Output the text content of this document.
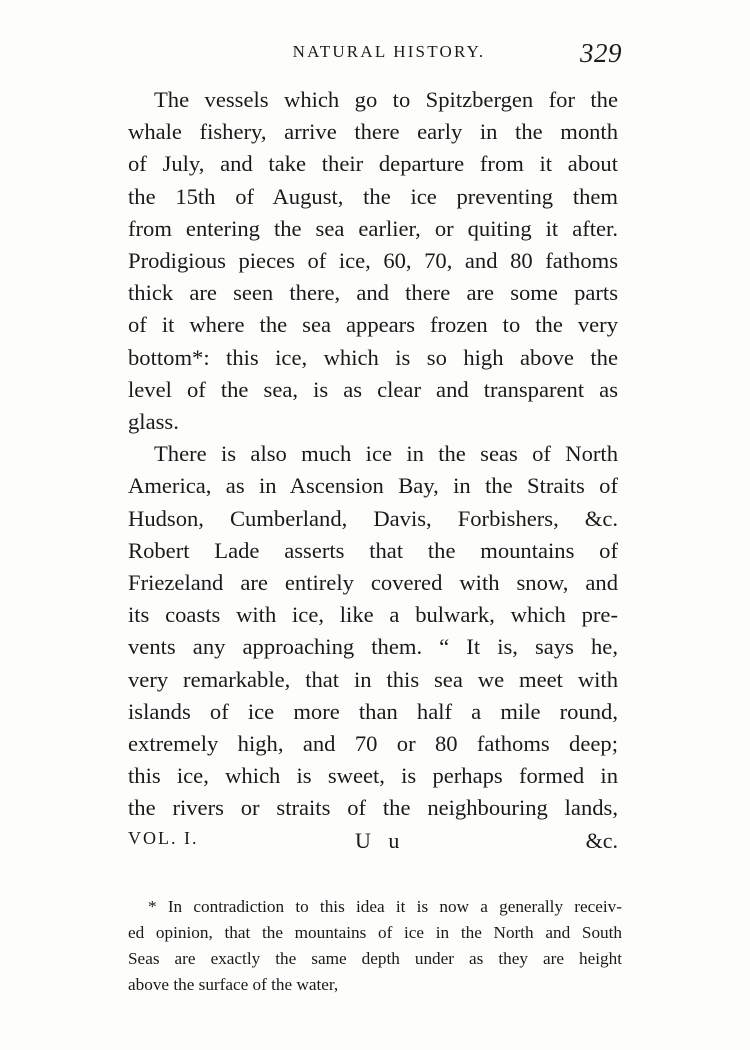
NATURAL HISTORY.	329
The vessels which go to Spitzbergen for the
whale fishery, arrive there early in the month
of July, and take their departure from it about
the 15th of August, the ice preventing them
from entering the sea earlier, or quiting it after.
Prodigious pieces of ice, 60, 70, and 80 fathoms
thick are seen there, and there are some parts
of it where the sea appears frozen to the very
bottom*: this ice, which is so high above the
level of the sea, is as clear and transparent as
glass.
There is also much ice in the seas of North
America, as in Ascension Bay, in the Straits of
Hudson, Cumberland, Davis, Forbishers, &c.
Robert Lade asserts that the mountains of
Friezeland are entirely covered with snow, and
its coasts with ice, like a bulwark, which pre-
vents any approaching them. “ It is, says he,
very remarkable, that in this sea we meet with
islands of ice more than half a mile round,
extremely high, and 70 or 80 fathoms deep;
this ice, which is sweet, is perhaps formed in
the rivers or straits of the neighbouring lands,
VOL. I.	U u	&c.
* In contradiction to this idea it is now a generally receiv-
ed opinion, that the mountains of ice in the North and South
Seas are exactly the same depth under as they are height
above the surface of the water,
